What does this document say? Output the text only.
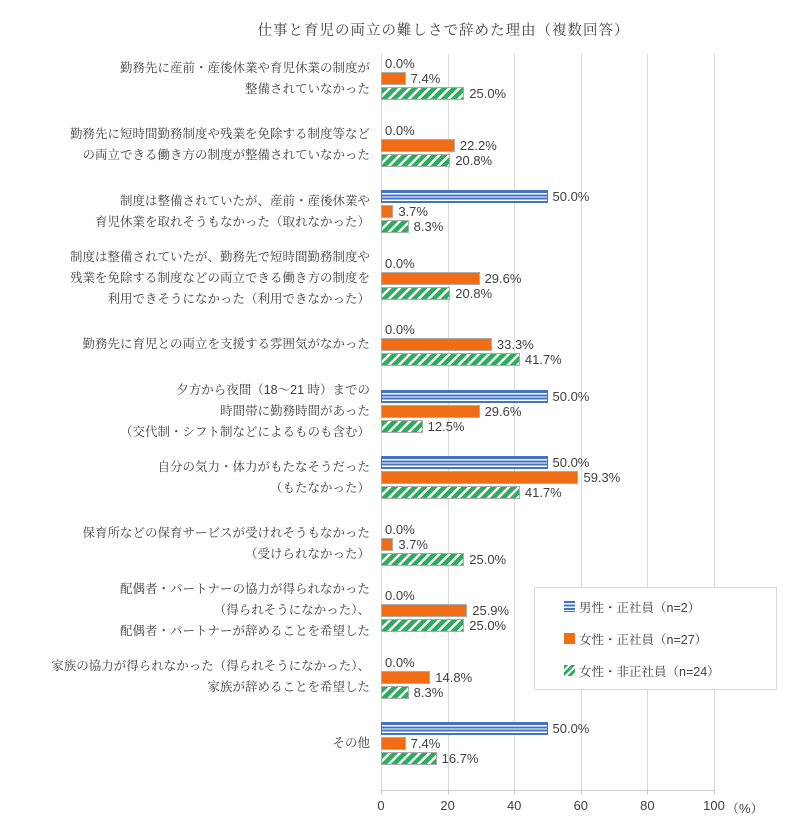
仕事と育児の両立の難しさで辞めた理由（複数回答）
勤務先に産前・産後休業や育児休業の制度が
整備されていなかった
0.0%
7.4%
25.0%
勤務先に短時間勤務制度や残業を免除する制度等など
の両立できる働き方の制度が整備されていなかった
0.0%
22.2%
20.8%
制度は整備されていたが、産前・産後休業や
育児休業を取れそうもなかった（取れなかった）
50.0%
3.7%
8.3%
制度は整備されていたが、勤務先で短時間勤務制度や
残業を免除する制度などの両立できる働き方の制度を
利用できそうになかった（利用できなかった）
0.0%
29.6%
20.8%
勤務先に育児との両立を支援する雰囲気がなかった
0.0%
33.3%
41.7%
夕方から夜間（18～21 時）までの
時間帯に勤務時間があった
（交代制・シフト制などによるものも含む）
50.0%
29.6%
12.5%
自分の気力・体力がもたなそうだった
（もたなかった）
50.0%
59.3%
41.7%
保育所などの保育サービスが受けれそうもなかった
（受けられなかった）
0.0%
3.7%
25.0%
配偶者・パートナーの協力が得られなかった
（得られそうになかった）、
配偶者・パートナーが辞めることを希望した
0.0%
25.9%
25.0%
家族の協力が得られなかった（得られそうになかった）、
家族が辞めることを希望した
0.0%
14.8%
8.3%
その他
50.0%
7.4%
16.7%
0	20	40	60	80	100 （%）
男性・正社員（n=2）
女性・正社員（n=27）
女性・非正社員（n=24）
